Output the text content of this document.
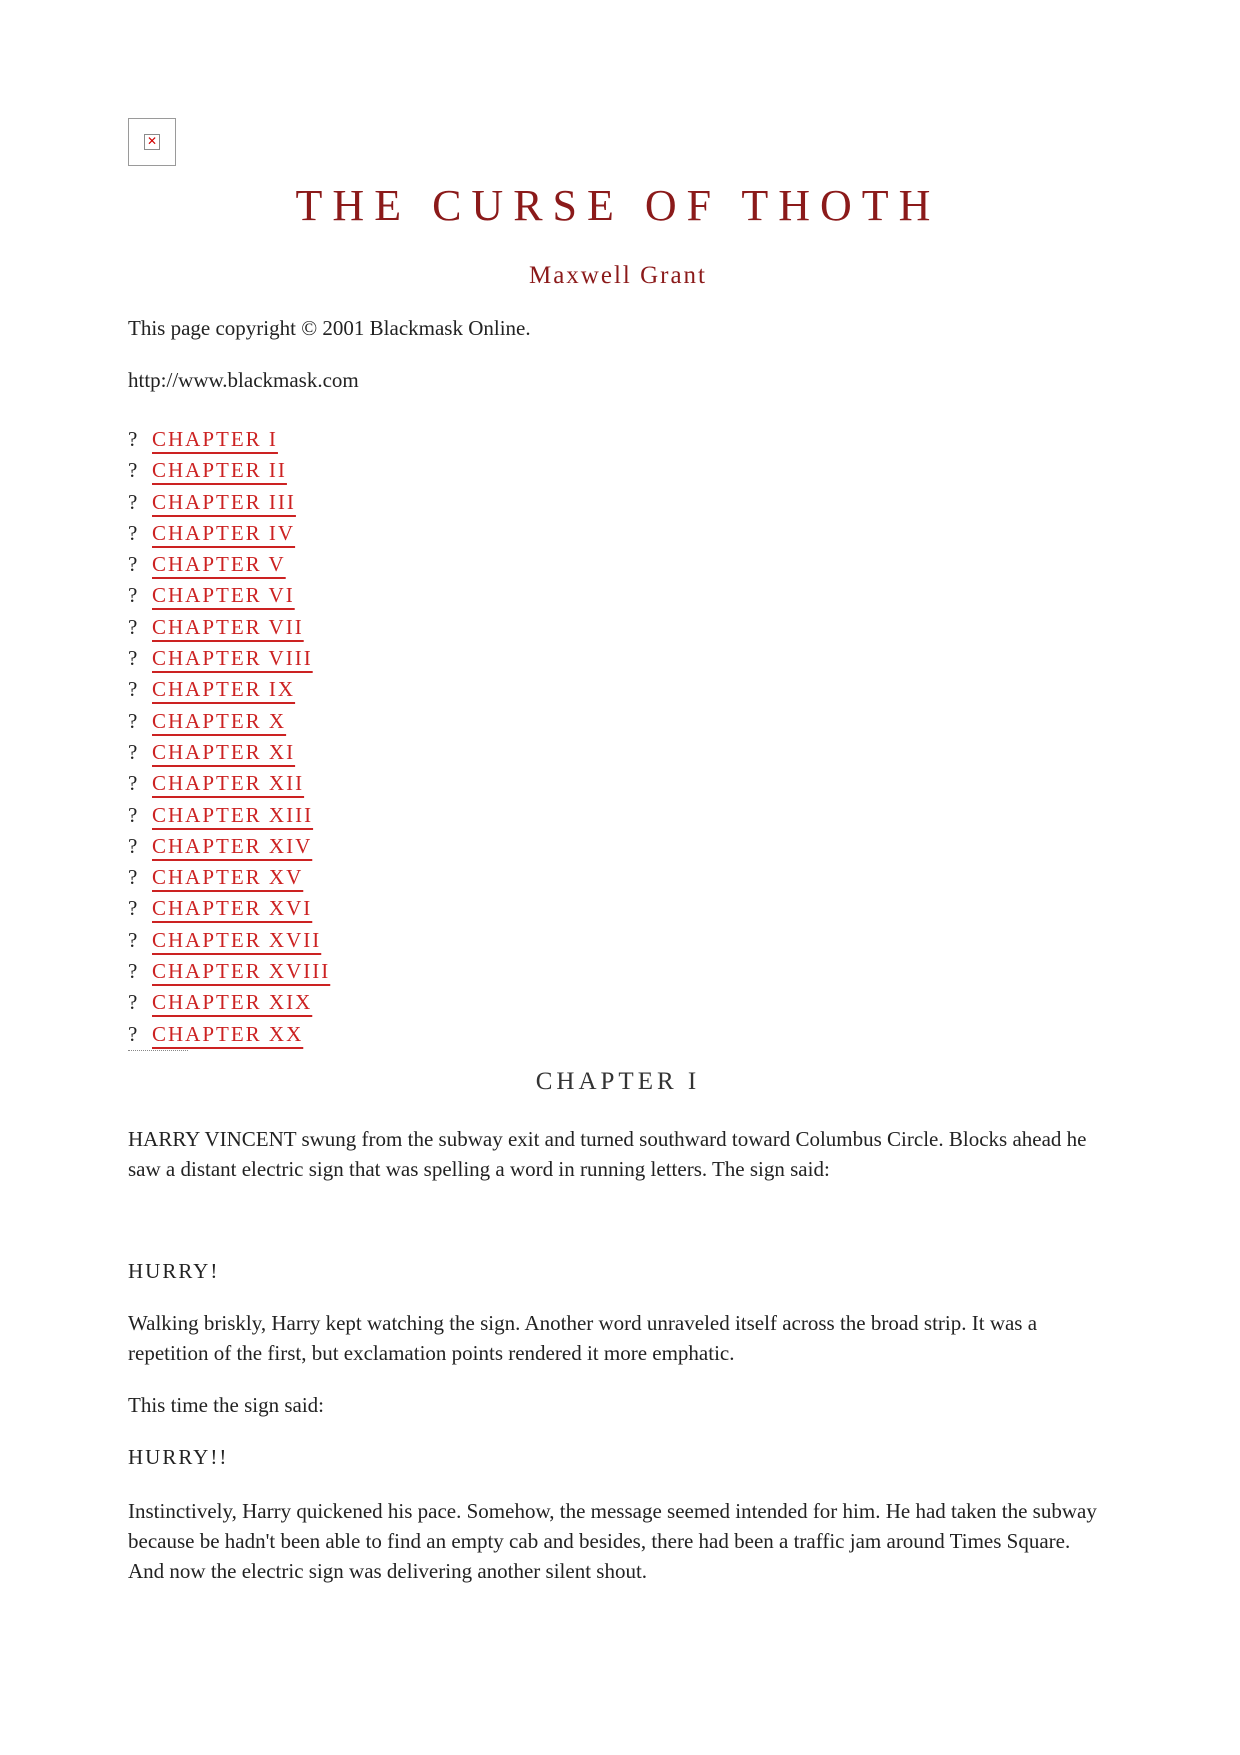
✕
THE CURSE OF THOTH
Maxwell Grant

This page copyright © 2001 Blackmask Online.

http://www.blackmask.com

? CHAPTER I
? CHAPTER II
? CHAPTER III
? CHAPTER IV
? CHAPTER V
? CHAPTER VI
? CHAPTER VII
? CHAPTER VIII
? CHAPTER IX
? CHAPTER X
? CHAPTER XI
? CHAPTER XII
? CHAPTER XIII
? CHAPTER XIV
? CHAPTER XV
? CHAPTER XVI
? CHAPTER XVII
? CHAPTER XVIII
? CHAPTER XIX
? CHAPTER XX
CHAPTER I

HARRY VINCENT swung from the subway exit and turned southward toward Columbus Circle. Blocks ahead he saw a distant electric sign that was spelling a word in running letters. The sign said:

HURRY!

Walking briskly, Harry kept watching the sign. Another word unraveled itself across the broad strip. It was a repetition of the first, but exclamation points rendered it more emphatic.

This time the sign said:

HURRY!!

Instinctively, Harry quickened his pace. Somehow, the message seemed intended for him. He had taken the subway because be hadn't been able to find an empty cab and besides, there had been a traffic jam around Times Square. And now the electric sign was delivering another silent shout.
